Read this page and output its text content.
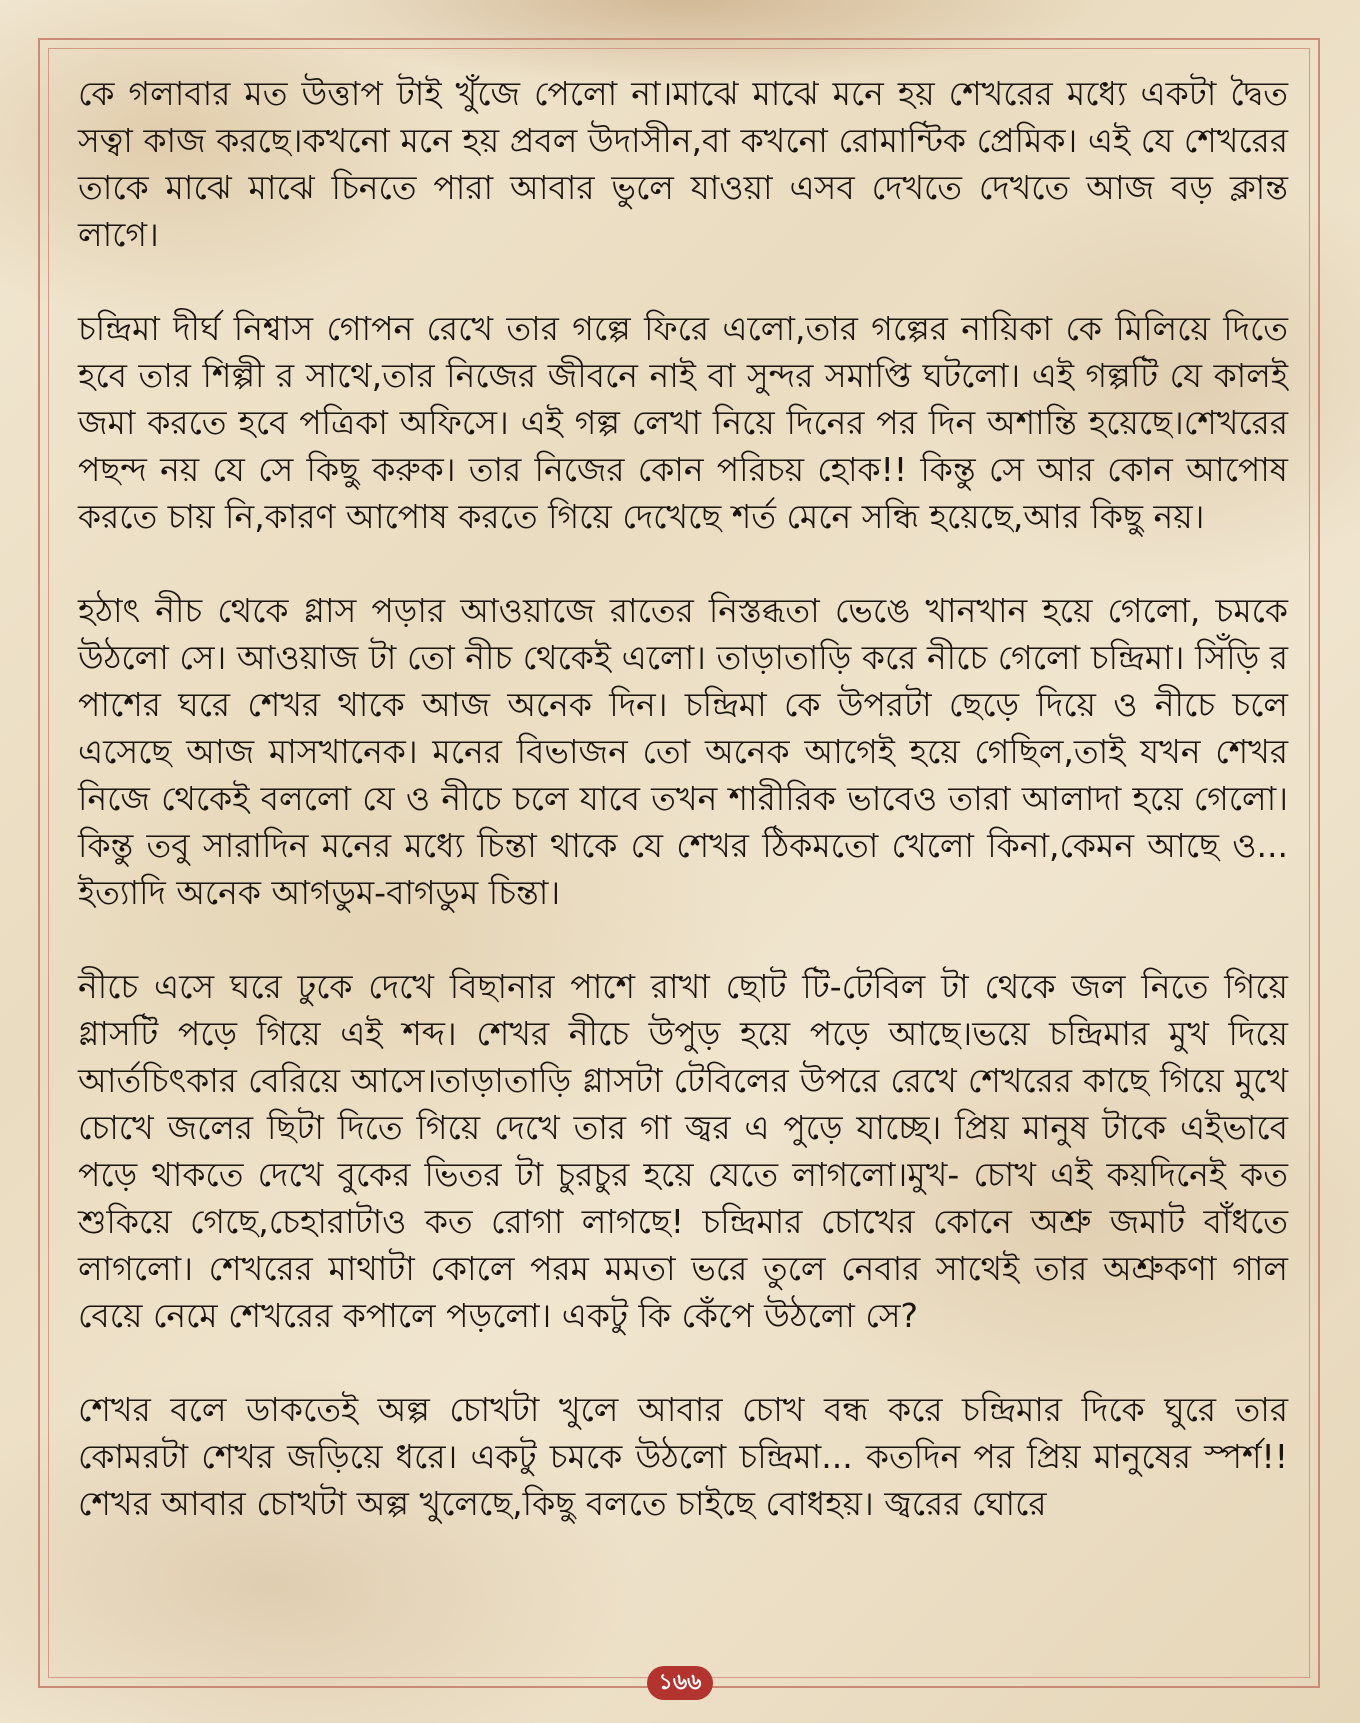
কে গলাবার মত উত্তাপ টাই খুঁজে পেলো না।মাঝে মাঝে মনে হয় শেখরের মধ্যে একটা দ্বৈত সত্বা কাজ করছে।কখনো মনে হয় প্রবল উদাসীন,বা কখনো রোমান্টিক প্রেমিক। এই যে শেখরের তাকে মাঝে মাঝে চিনতে পারা আবার ভুলে যাওয়া এসব দেখতে দেখতে আজ বড় ক্লান্ত লাগে।

চন্দ্রিমা দীর্ঘ নিশ্বাস গোপন রেখে তার গল্পে ফিরে এলো,তার গল্পের নায়িকা কে মিলিয়ে দিতে হবে তার শিল্পী র সাথে,তার নিজের জীবনে নাই বা সুন্দর সমাপ্তি ঘটলো। এই গল্পটি যে কালই জমা করতে হবে পত্রিকা অফিসে। এই গল্প লেখা নিয়ে দিনের পর দিন অশান্তি হয়েছে।শেখরের পছন্দ নয় যে সে কিছু করুক। তার নিজের কোন পরিচয় হোক!! কিন্তু সে আর কোন আপোষ করতে চায় নি,কারণ আপোষ করতে গিয়ে দেখেছে শর্ত মেনে সন্ধি হয়েছে,আর কিছু নয়।

হঠাৎ নীচ থেকে গ্লাস পড়ার আওয়াজে রাতের নিস্তব্ধতা ভেঙে খানখান হয়ে গেলো, চমকে উঠলো সে। আওয়াজ টা তো নীচ থেকেই এলো। তাড়াতাড়ি করে নীচে গেলো চন্দ্রিমা। সিঁড়ি র পাশের ঘরে শেখর থাকে আজ অনেক দিন। চন্দ্রিমা কে উপরটা ছেড়ে দিয়ে ও নীচে চলে এসেছে আজ মাসখানেক। মনের বিভাজন তো অনেক আগেই হয়ে গেছিল,তাই যখন শেখর নিজে থেকেই বললো যে ও নীচে চলে যাবে তখন শারীরিক ভাবেও তারা আলাদা হয়ে গেলো। কিন্তু তবু সারাদিন মনের মধ্যে চিন্তা থাকে যে শেখর ঠিকমতো খেলো কিনা,কেমন আছে ও... ইত্যাদি অনেক আগডুম-বাগডুম চিন্তা।

নীচে এসে ঘরে ঢুকে দেখে বিছানার পাশে রাখা ছোট টি-টেবিল টা থেকে জল নিতে গিয়ে গ্লাসটি পড়ে গিয়ে এই শব্দ। শেখর নীচে উপুড় হয়ে পড়ে আছে।ভয়ে চন্দ্রিমার মুখ দিয়ে আর্তচিৎকার বেরিয়ে আসে।তাড়াতাড়ি গ্লাসটা টেবিলের উপরে রেখে শেখরের কাছে গিয়ে মুখে চোখে জলের ছিটা দিতে গিয়ে দেখে তার গা জ্বর এ পুড়ে যাচ্ছে। প্রিয় মানুষ টাকে এইভাবে পড়ে থাকতে দেখে বুকের ভিতর টা চুরচুর হয়ে যেতে লাগলো।মুখ- চোখ এই কয়দিনেই কত শুকিয়ে গেছে,চেহারাটাও কত রোগা লাগছে! চন্দ্রিমার চোখের কোনে অশ্রু জমাট বাঁধতে লাগলো। শেখরের মাথাটা কোলে পরম মমতা ভরে তুলে নেবার সাথেই তার অশ্রুকণা গাল বেয়ে নেমে শেখরের কপালে পড়লো। একটু কি কেঁপে উঠলো সে?

শেখর বলে ডাকতেই অল্প চোখটা খুলে আবার চোখ বন্ধ করে চন্দ্রিমার দিকে ঘুরে তার কোমরটা শেখর জড়িয়ে ধরে। একটু চমকে উঠলো চন্দ্রিমা... কতদিন পর প্রিয় মানুষের স্পর্শ!! শেখর আবার চোখটা অল্প খুলেছে,কিছু বলতে চাইছে বোধহয়। জ্বরের ঘোরে

১৬৬
